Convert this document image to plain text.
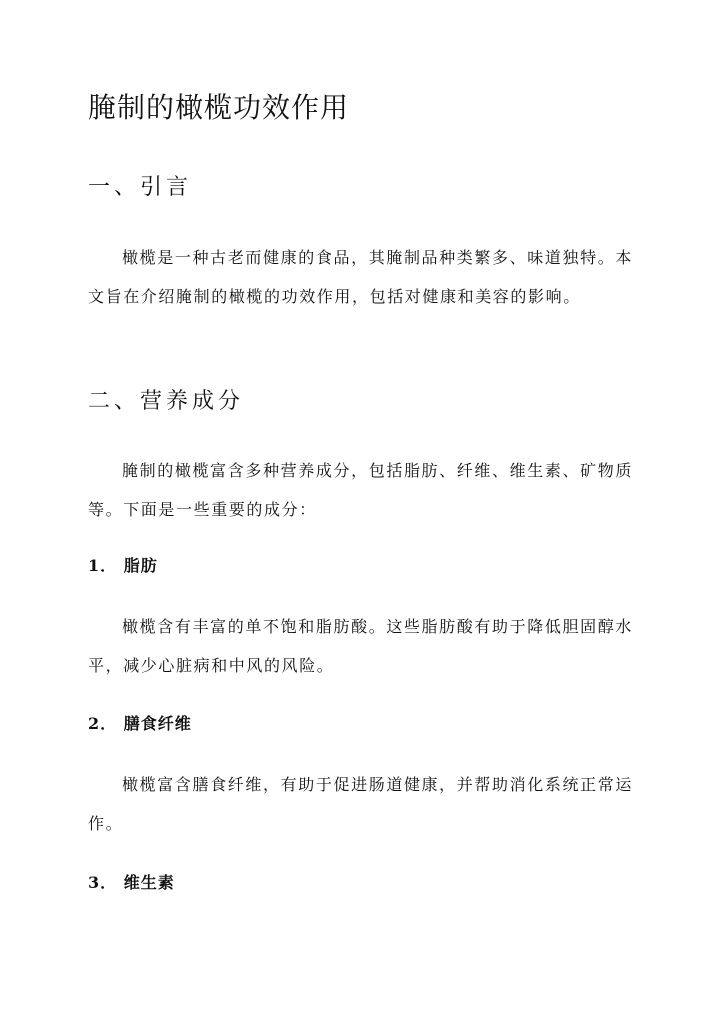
腌制的橄榄功效作用
一、引言

橄榄是一种古老而健康的食品，其腌制品种类繁多、味道独特。本文旨在介绍腌制的橄榄的功效作用，包括对健康和美容的影响。

二、营养成分

腌制的橄榄富含多种营养成分，包括脂肪、纤维、维生素、矿物质等。下面是一些重要的成分：

1． 脂肪

橄榄含有丰富的单不饱和脂肪酸。这些脂肪酸有助于降低胆固醇水平，减少心脏病和中风的风险。

2． 膳食纤维

橄榄富含膳食纤维，有助于促进肠道健康，并帮助消化系统正常运作。

3． 维生素
